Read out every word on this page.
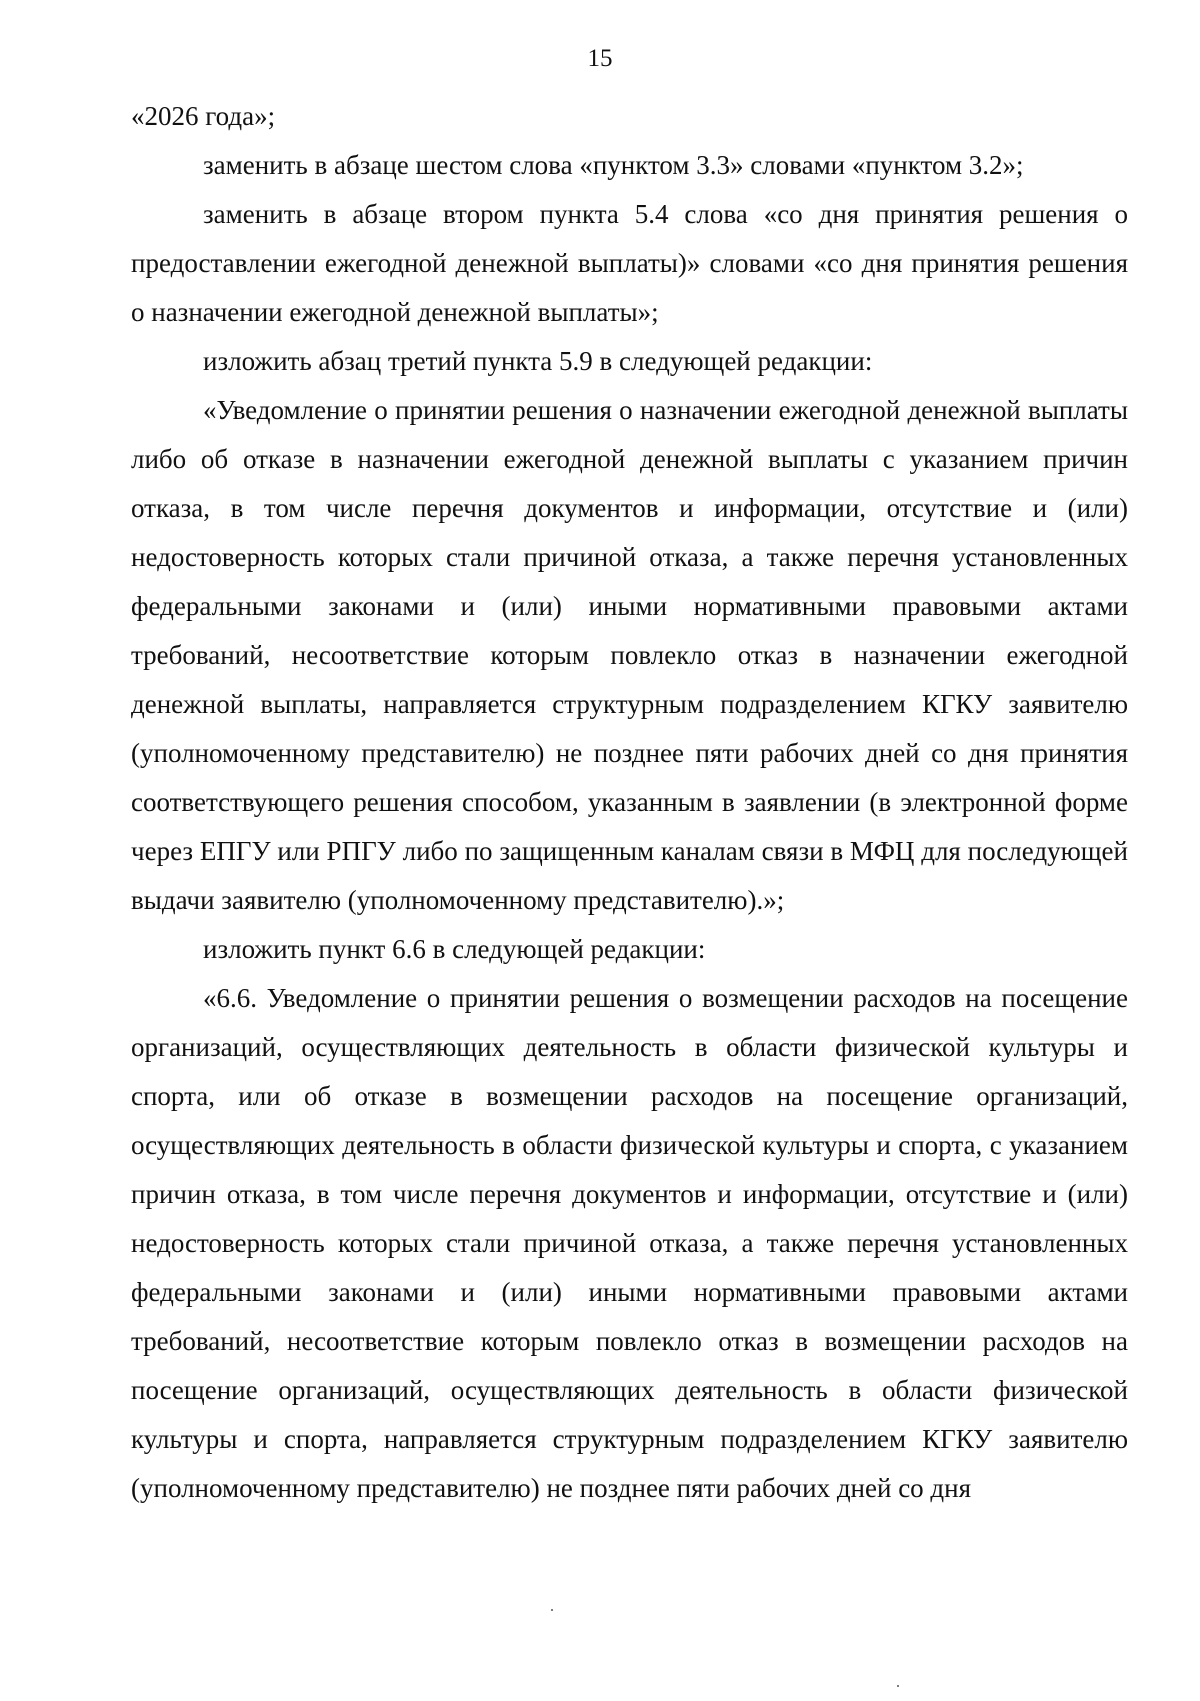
15

«2026 года»;

заменить в абзаце шестом слова «пунктом 3.3» словами «пунктом 3.2»;

заменить в абзаце втором пункта 5.4 слова «со дня принятия решения о предоставлении ежегодной денежной выплаты)» словами «со дня принятия решения о назначении ежегодной денежной выплаты»;

изложить абзац третий пункта 5.9 в следующей редакции:

«Уведомление о принятии решения о назначении ежегодной денежной выплаты либо об отказе в назначении ежегодной денежной выплаты с указанием причин отказа, в том числе перечня документов и информации, отсутствие и (или) недостоверность которых стали причиной отказа, а также перечня установленных федеральными законами и (или) иными нормативными правовыми актами требований, несоответствие которым повлекло отказ в назначении ежегодной денежной выплаты, направляется структурным подразделением КГКУ заявителю (уполномоченному представителю) не позднее пяти рабочих дней со дня принятия соответствующего решения способом, указанным в заявлении (в электронной форме через ЕПГУ или РПГУ либо по защищенным каналам связи в МФЦ для последующей выдачи заявителю (уполномоченному представителю).»;

изложить пункт 6.6 в следующей редакции:

«6.6. Уведомление о принятии решения о возмещении расходов на посещение организаций, осуществляющих деятельность в области физической культуры и спорта, или об отказе в возмещении расходов на посещение организаций, осуществляющих деятельность в области физической культуры и спорта, с указанием причин отказа, в том числе перечня документов и информации, отсутствие и (или) недостоверность которых стали причиной отказа, а также перечня установленных федеральными законами и (или) иными нормативными правовыми актами требований, несоответствие которым повлекло отказ в возмещении расходов на посещение организаций, осуществляющих деятельность в области физической культуры и спорта, направляется структурным подразделением КГКУ заявителю (уполномоченному представителю) не позднее пяти рабочих дней со дня
